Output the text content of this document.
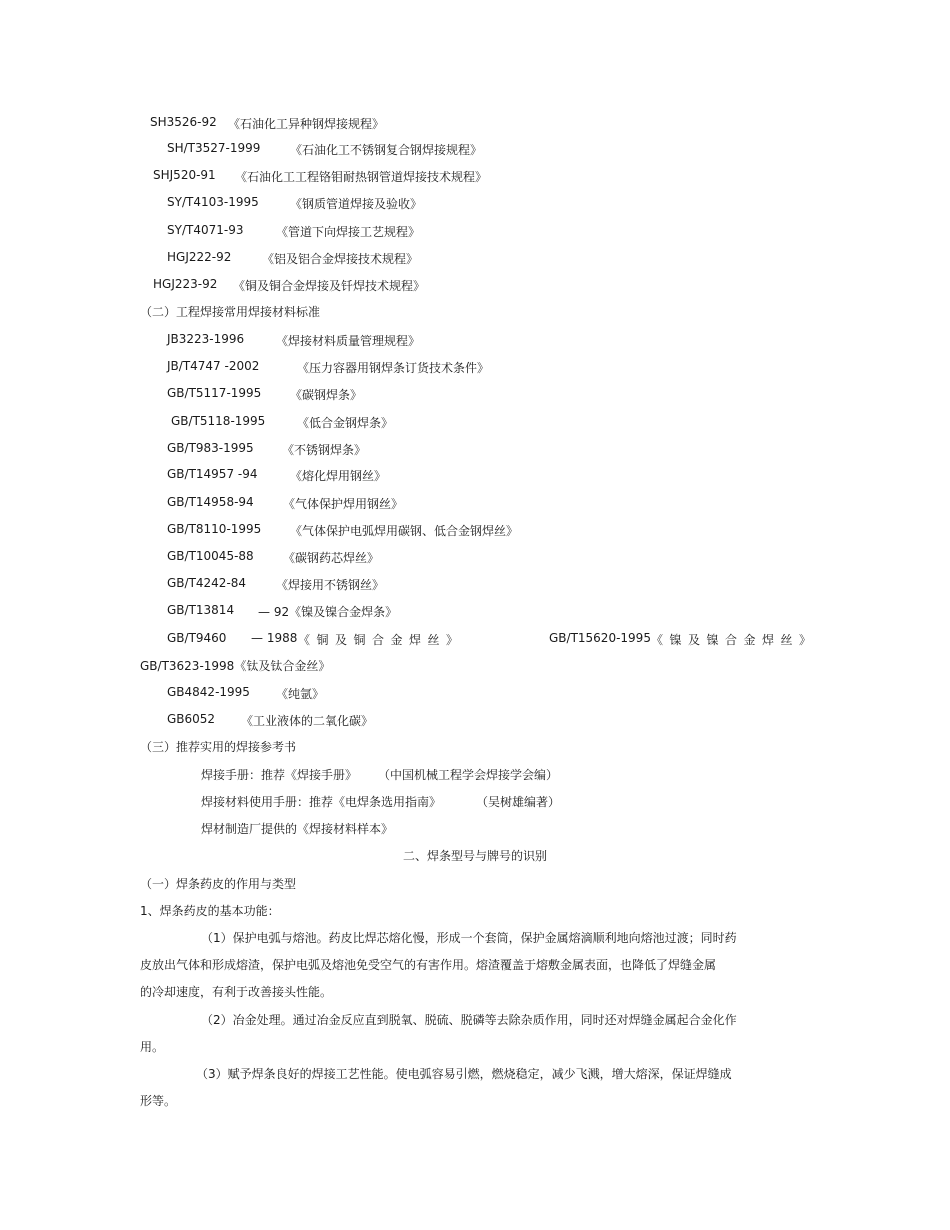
SH3526-92 《石油化工异种钢焊接规程》
SH/T3527-1999 《石油化工不锈钢复合钢焊接规程》
SHJ520-91 《石油化工工程铬钼耐热钢管道焊接技术规程》
SY/T4103-1995	《钢质管道焊接及验收》
SY/T4071-93	《管道下向焊接工艺规程》
HGJ222-92	《铝及铝合金焊接技术规程》
HGJ223-92 《铜及铜合金焊接及钎焊技术规程》
（二）工程焊接常用焊接材料标准
JB3223-1996	《焊接材料质量管理规程》
JB/T4747 -2002	《压力容器用钢焊条订货技术条件》
GB/T5117-1995 《碳钢焊条》
GB/T5118-1995	《低合金钢焊条》
GB/T983-1995 《不锈钢焊条》
GB/T14957 -94	《熔化焊用钢丝》
GB/T14958-94 《气体保护焊用钢丝》
GB/T8110-1995 《气体保护电弧焊用碳钢、低合金钢焊丝》
GB/T10045-88 《碳钢药芯焊丝》
GB/T4242-84 《焊接用不锈钢丝》
GB/T13814 — 92《镍及镍合金焊条》
GB/T9460 — 1988 《铜及铜合金焊丝》	GB/T15620-1995 《镍及镍合金焊丝》
GB/T3623-1998《钛及钛合金丝》
GB4842-1995 《纯氩》
GB6052 《工业液体的二氧化碳》
（三）推荐实用的焊接参考书
焊接手册：推荐《焊接手册》 （中国机械工程学会焊接学会编）
焊接材料使用手册：推荐《电焊条选用指南》	（吴树雄编著）
焊材制造厂提供的《焊接材料样本》
二、焊条型号与牌号的识别
（一）焊条药皮的作用与类型
1、焊条药皮的基本功能：
（1）保护电弧与熔池。药皮比焊芯熔化慢，形成一个套筒，保护金属熔滴顺利地向熔池过渡；同时药
皮放出气体和形成熔渣，保护电弧及熔池免受空气的有害作用。熔渣覆盖于熔敷金属表面，也降低了焊缝金属
的冷却速度，有利于改善接头性能。
（2）冶金处理。通过冶金反应直到脱氧、脱硫、脱磷等去除杂质作用，同时还对焊缝金属起合金化作
用。
（3）赋予焊条良好的焊接工艺性能。使电弧容易引燃，燃烧稳定，减少飞溅，增大熔深，保证焊缝成
形等。
